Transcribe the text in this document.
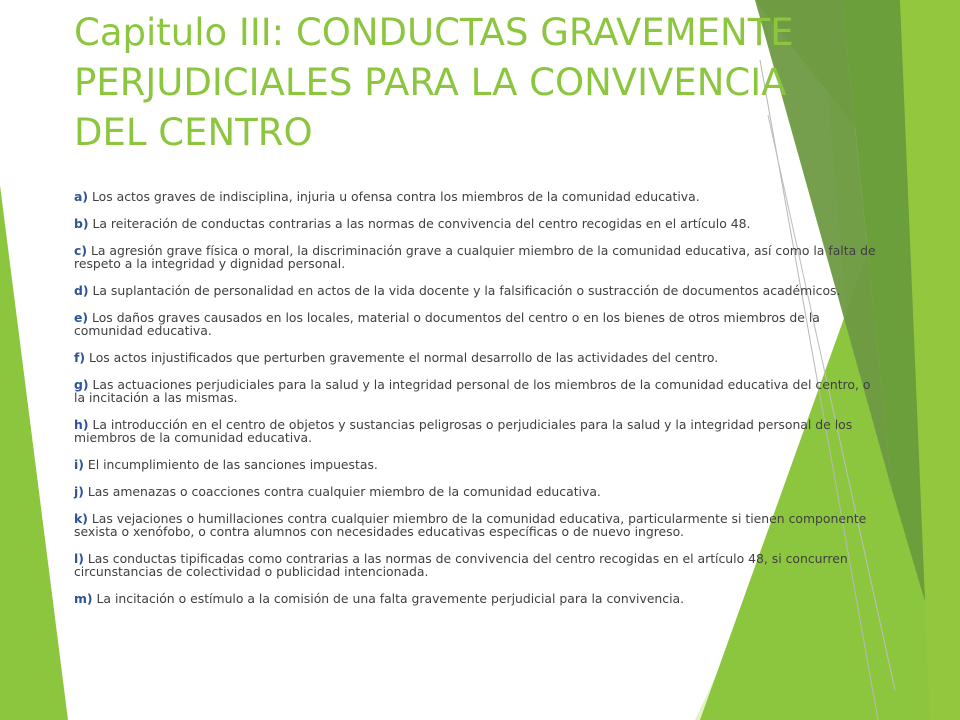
Capitulo III: CONDUCTAS GRAVEMENTE PERJUDICIALES PARA LA CONVIVENCIA DEL CENTRO
a) Los actos graves de indisciplina, injuria u ofensa contra los miembros de la comunidad educativa.
b) La reiteración de conductas contrarias a las normas de convivencia del centro recogidas en el artículo 48.
c) La agresión grave física o moral, la discriminación grave a cualquier miembro de la comunidad educativa, así como la falta de respeto a la integridad y dignidad personal.
d) La suplantación de personalidad en actos de la vida docente y la falsificación o sustracción de documentos académicos.
e) Los daños graves causados en los locales, material o documentos del centro o en los bienes de otros miembros de la comunidad educativa.
f) Los actos injustificados que perturben gravemente el normal desarrollo de las actividades del centro.
g) Las actuaciones perjudiciales para la salud y la integridad personal de los miembros de la comunidad educativa del centro, o la incitación a las mismas.
h) La introducción en el centro de objetos y sustancias peligrosas o perjudiciales para la salud y la integridad personal de los miembros de la comunidad educativa.
i) El incumplimiento de las sanciones impuestas.
j) Las amenazas o coacciones contra cualquier miembro de la comunidad educativa.
k) Las vejaciones o humillaciones contra cualquier miembro de la comunidad educativa, particularmente si tienen componente sexista o xenófobo, o contra alumnos con necesidades educativas específicas o de nuevo ingreso.
l) Las conductas tipificadas como contrarias a las normas de convivencia del centro recogidas en el artículo 48, si concurren circunstancias de colectividad o publicidad intencionada.
m) La incitación o estímulo a la comisión de una falta gravemente perjudicial para la convivencia.
